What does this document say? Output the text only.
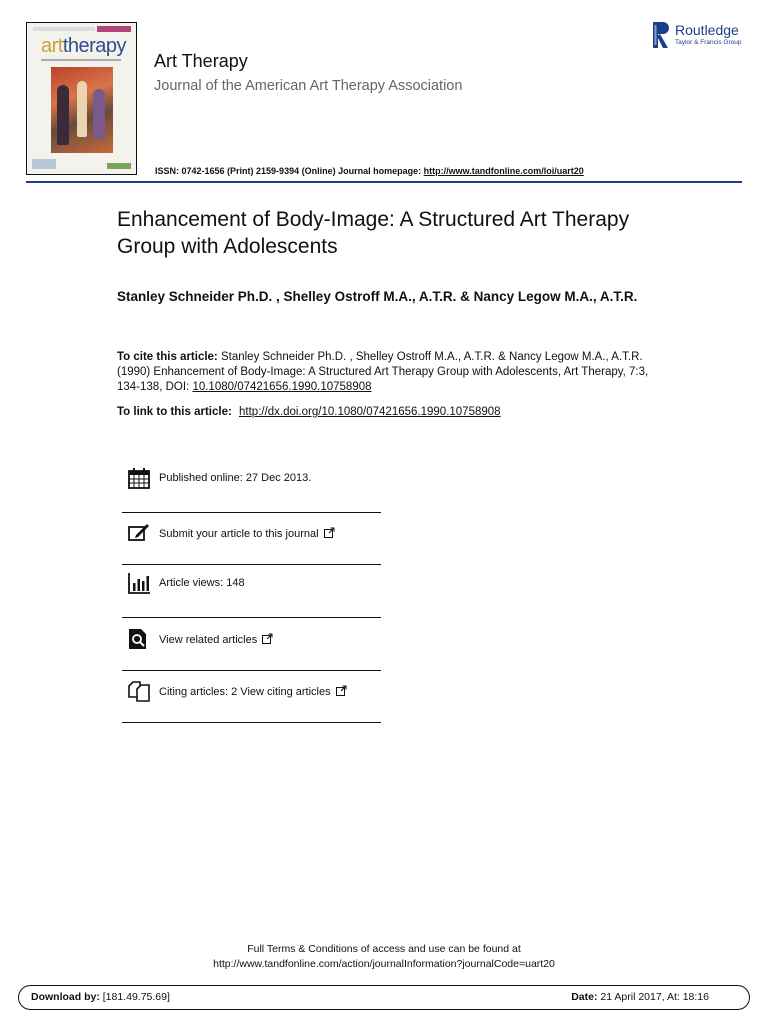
arttherapy
Art Therapy
Journal of the American Art Therapy Association
ISSN: 0742-1656 (Print) 2159-9394 (Online) Journal homepage: http://www.tandfonline.com/loi/uart20
Routledge
Taylor & Francis Group
Enhancement of Body-Image: A Structured Art Therapy Group with Adolescents
Stanley Schneider Ph.D. , Shelley Ostroff M.A., A.T.R. & Nancy Legow M.A., A.T.R.
To cite this article: Stanley Schneider Ph.D. , Shelley Ostroff M.A., A.T.R. & Nancy Legow M.A., A.T.R. (1990) Enhancement of Body-Image: A Structured Art Therapy Group with Adolescents, Art Therapy, 7:3, 134-138, DOI: 10.1080/07421656.1990.10758908
To link to this article: http://dx.doi.org/10.1080/07421656.1990.10758908
Published online: 27 Dec 2013.
Submit your article to this journal
Article views: 148
View related articles
Citing articles: 2 View citing articles
Full Terms & Conditions of access and use can be found at
http://www.tandfonline.com/action/journalInformation?journalCode=uart20
Download by: [181.49.75.69]	Date: 21 April 2017, At: 18:16
